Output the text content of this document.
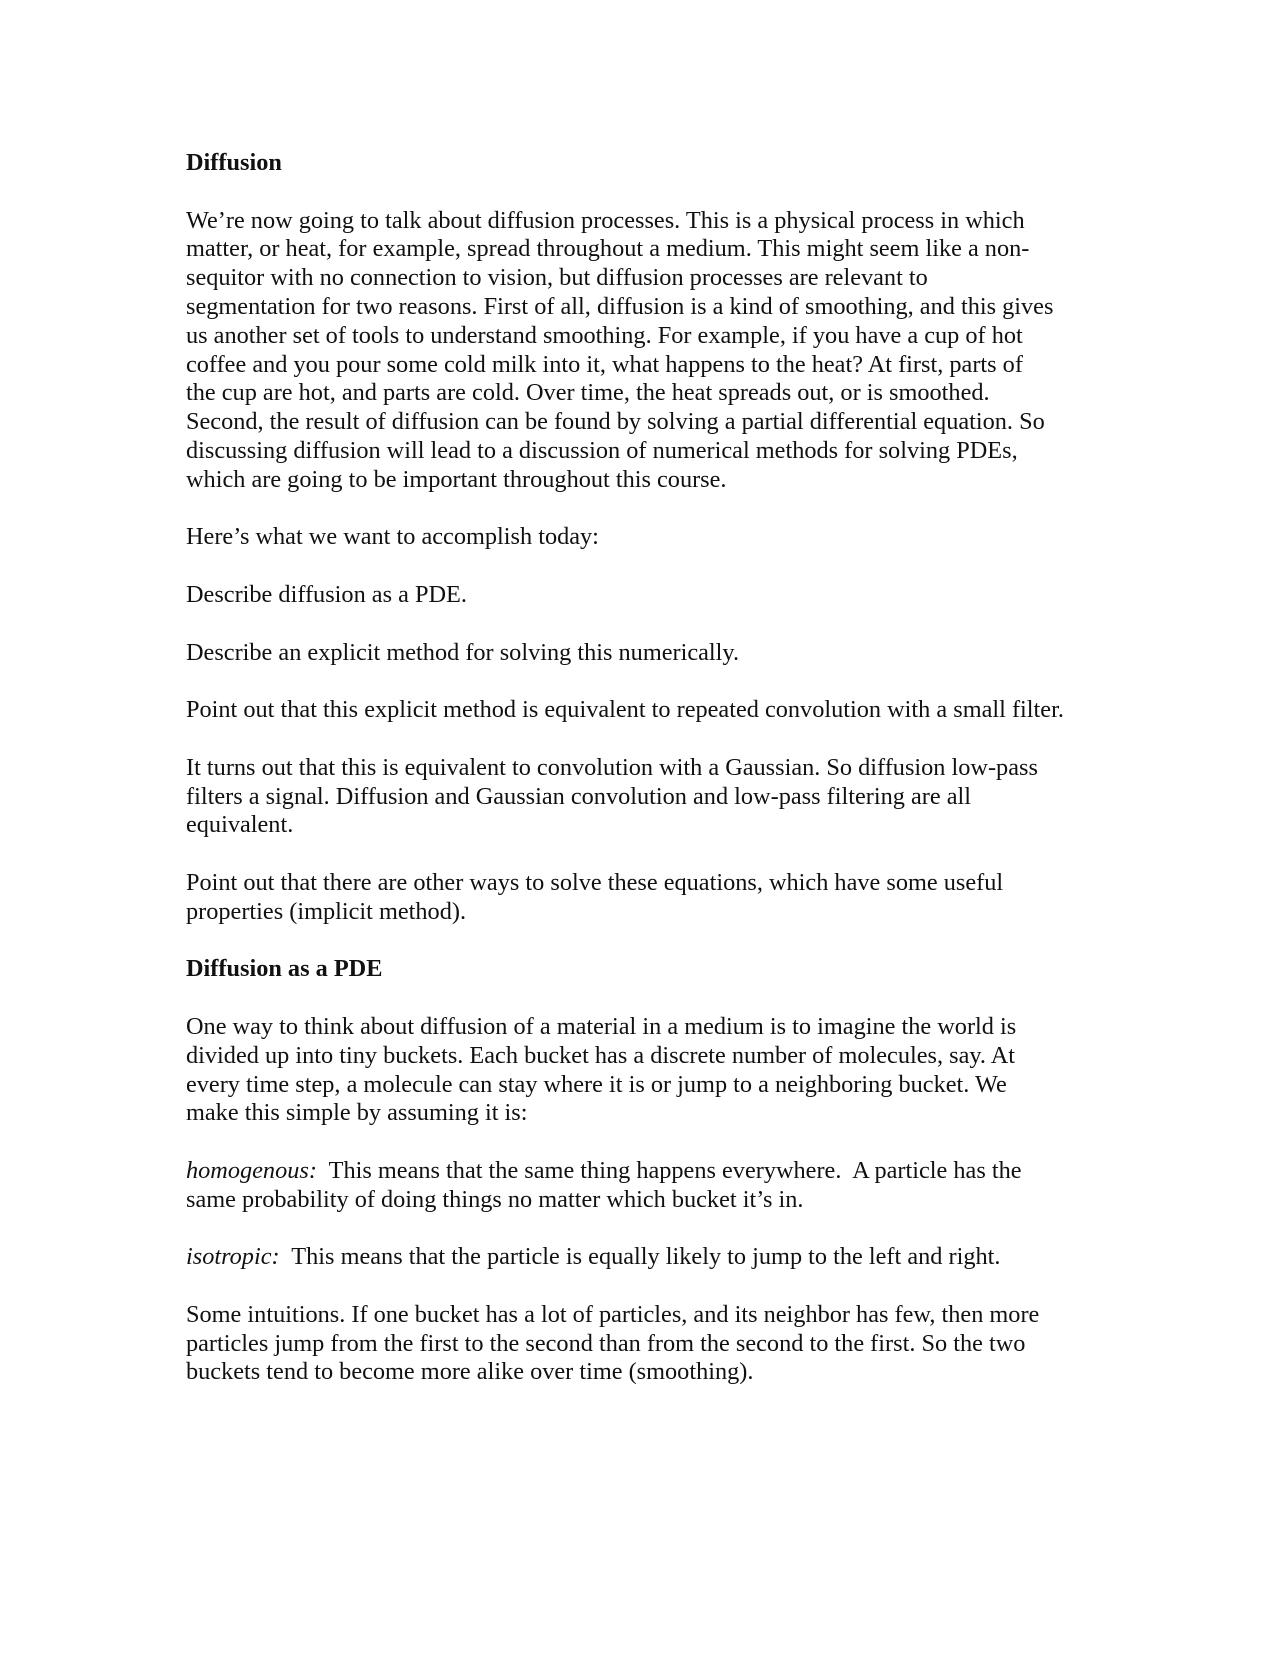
Diffusion
We’re now going to talk about diffusion processes. This is a physical process in which
matter, or heat, for example, spread throughout a medium. This might seem like a non-
sequitor with no connection to vision, but diffusion processes are relevant to
segmentation for two reasons. First of all, diffusion is a kind of smoothing, and this gives
us another set of tools to understand smoothing. For example, if you have a cup of hot
coffee and you pour some cold milk into it, what happens to the heat? At first, parts of
the cup are hot, and parts are cold. Over time, the heat spreads out, or is smoothed.
Second, the result of diffusion can be found by solving a partial differential equation. So
discussing diffusion will lead to a discussion of numerical methods for solving PDEs,
which are going to be important throughout this course.
Here’s what we want to accomplish today:
Describe diffusion as a PDE.
Describe an explicit method for solving this numerically.
Point out that this explicit method is equivalent to repeated convolution with a small filter.
It turns out that this is equivalent to convolution with a Gaussian. So diffusion low-pass
filters a signal. Diffusion and Gaussian convolution and low-pass filtering are all
equivalent.
Point out that there are other ways to solve these equations, which have some useful
properties (implicit method).
Diffusion as a PDE
One way to think about diffusion of a material in a medium is to imagine the world is
divided up into tiny buckets. Each bucket has a discrete number of molecules, say. At
every time step, a molecule can stay where it is or jump to a neighboring bucket. We
make this simple by assuming it is:
homogenous:  This means that the same thing happens everywhere.  A particle has the
same probability of doing things no matter which bucket it’s in.
isotropic:  This means that the particle is equally likely to jump to the left and right.
Some intuitions. If one bucket has a lot of particles, and its neighbor has few, then more
particles jump from the first to the second than from the second to the first. So the two
buckets tend to become more alike over time (smoothing).
